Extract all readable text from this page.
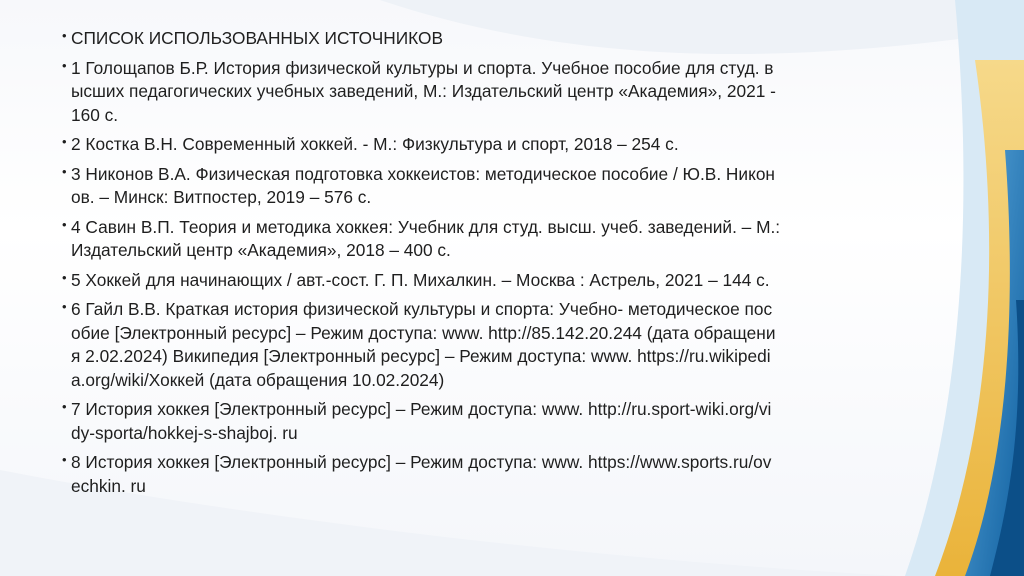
• СПИСОК ИСПОЛЬЗОВАННЫХ ИСТОЧНИКОВ
• 1 Голощапов Б.Р. История физической культуры и спорта. Учебное пособие для студ. в
ысших педагогических учебных заведений, М.: Издательский центр «Академия», 2021 -
160 с.
• 2 Костка В.Н. Современный хоккей. - М.: Физкультура и спорт, 2018 – 254 с.
• 3 Никонов В.А. Физическая подготовка хоккеистов: методическое пособие / Ю.В. Никон
ов. – Минск: Витпостер, 2019 – 576 с.
• 4 Савин В.П. Теория и методика хоккея: Учебник для студ. высш. учеб. заведений. – М.:
Издательский центр «Академия», 2018 – 400 с.
• 5 Хоккей для начинающих / авт.-сост. Г. П. Михалкин. – Москва : Астрель, 2021 – 144 с.
• 6 Гайл В.В. Краткая история физической культуры и спорта: Учебно- методическое пос
обие [Электронный ресурс] – Режим доступа: www. http://85.142.20.244 (дата обращени
я 2.02.2024) Википедия [Электронный ресурс] – Режим доступа: www. https://ru.wikipedi
a.org/wiki/Хоккей (дата обращения 10.02.2024)
• 7 История хоккея [Электронный ресурс] – Режим доступа: www. http://ru.sport-wiki.org/vi
dy-sporta/hokkej-s-shajboj. ru
• 8 История хоккея [Электронный ресурс] – Режим доступа: www. https://www.sports.ru/ov
echkin. ru
